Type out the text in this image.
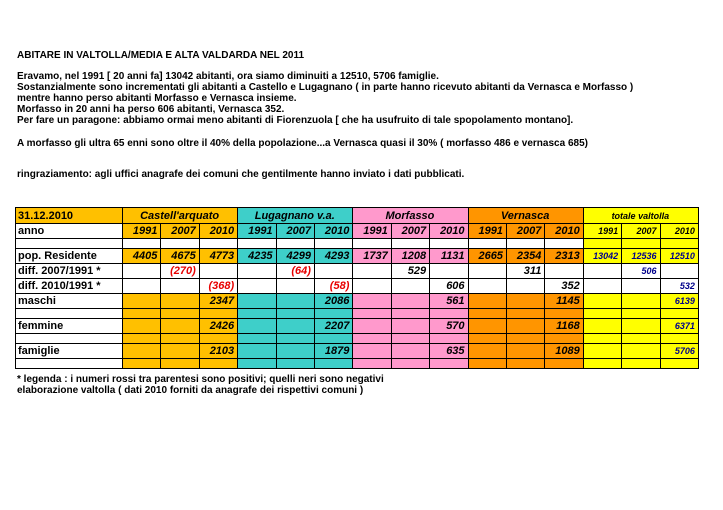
ABITARE IN VALTOLLA/MEDIA E ALTA VALDARDA NEL 2011
Eravamo, nel 1991 [ 20 anni fa] 13042 abitanti, ora siamo diminuiti a 12510, 5706 famiglie.
Sostanzialmente sono incrementati gli abitanti a Castello e Lugagnano ( in parte hanno ricevuto abitanti da Vernasca e Morfasso )
mentre hanno perso abitanti Morfasso e Vernasca insieme.
Morfasso in 20 anni ha perso 606 abitanti, Vernasca 352.
Per fare un paragone: abbiamo ormai meno abitanti di Fiorenzuola [ che ha usufruito di tale spopolamento montano].
A morfasso gli ultra 65 enni sono oltre il 40% della popolazione...a Vernasca quasi il 30% ( morfasso 486 e vernasca 685)
ringraziamento: agli uffici anagrafe dei comuni che gentilmente hanno inviato i dati pubblicati.
31.12.2010	Castell'arquato			Lugagnano v.a.			Morfasso			Vernasca			totale valtolla		
anno	1991	2007	2010	1991	2007	2010	1991	2007	2010	1991	2007	2010	1991	2007	2010

pop. Residente	4405	4675	4773	4235	4299	4293	1737	1208	1131	2665	2354	2313	13042	12536	12510
diff. 2007/1991 *		(270)			(64)			529			311			506	
diff. 2010/1991 *			(368)			(58)			606			352			532
maschi			2347			2086			561			1145			6139

femmine			2426			2207			570			1168			6371

famiglie			2103			1879			635			1089			5706

* legenda : i numeri rossi tra parentesi sono positivi; quelli neri sono negativi
elaborazione valtolla ( dati 2010 forniti da anagrafe dei rispettivi comuni )
